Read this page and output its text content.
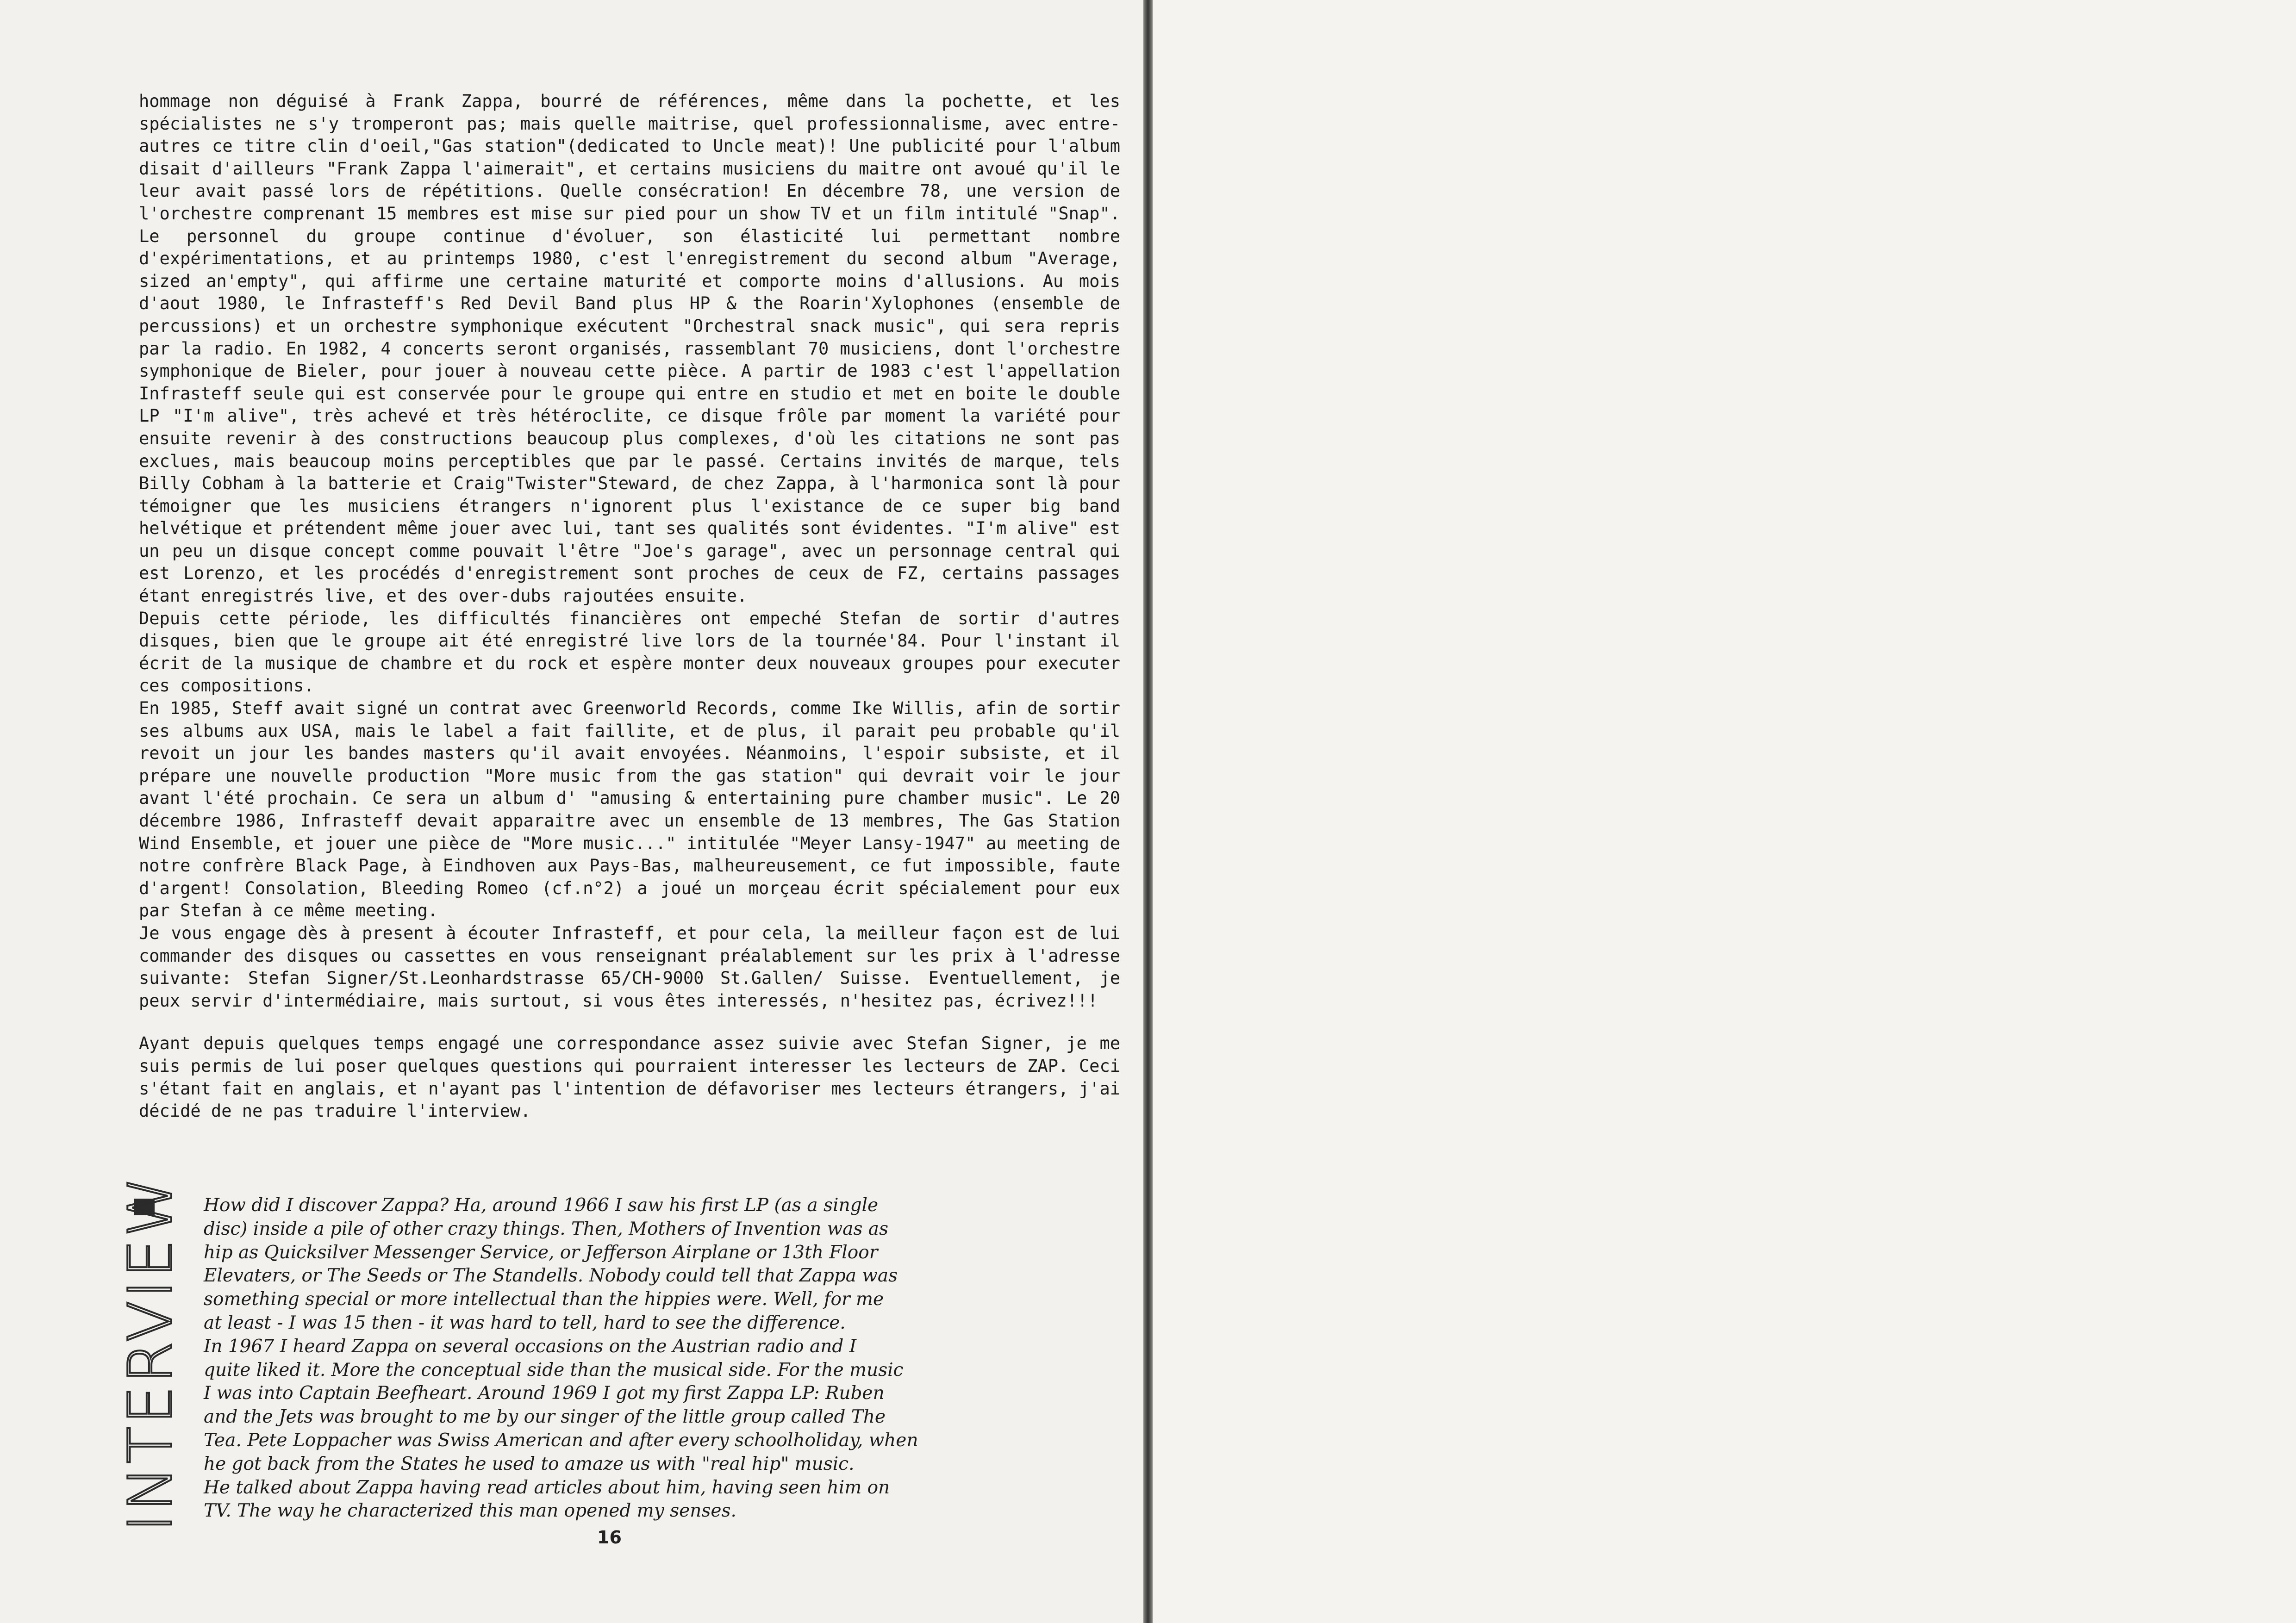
hommage non déguisé à Frank Zappa, bourré de références, même dans la pochette, et les spécialistes ne s'y tromperont pas; mais quelle maitrise, quel professionnalisme, avec entre-autres ce titre clin d'oeil,"Gas station"(dedicated to Uncle meat)! Une publicité pour l'album disait d'ailleurs "Frank Zappa l'aimerait", et certains musiciens du maitre ont avoué qu'il le leur avait passé lors de répétitions. Quelle consécration! En décembre 78, une version de l'orchestre comprenant 15 membres est mise sur pied pour un show TV et un film intitulé "Snap". Le personnel du groupe continue d'évoluer, son élasticité lui permettant nombre d'expérimentations, et au printemps 1980, c'est l'enregistrement du second album "Average, sized an'empty", qui affirme une certaine maturité et comporte moins d'allusions. Au mois d'aout 1980, le Infrasteff's Red Devil Band plus HP & the Roarin'Xylophones (ensemble de percussions) et un orchestre symphonique exécutent "Orchestral snack music", qui sera repris par la radio. En 1982, 4 concerts seront organisés, rassemblant 70 musiciens, dont l'orchestre symphonique de Bieler, pour jouer à nouveau cette pièce. A partir de 1983 c'est l'appellation Infrasteff seule qui est conservée pour le groupe qui entre en studio et met en boite le double LP "I'm alive", très achevé et très hétéroclite, ce disque frôle par moment la variété pour ensuite revenir à des constructions beaucoup plus complexes, d'où les citations ne sont pas exclues, mais beaucoup moins perceptibles que par le passé. Certains invités de marque, tels Billy Cobham à la batterie et Craig"Twister"Steward, de chez Zappa, à l'harmonica sont là pour témoigner que les musiciens étrangers n'ignorent plus l'existance de ce super big band helvétique et prétendent même jouer avec lui, tant ses qualités sont évidentes. "I'm alive" est un peu un disque concept comme pouvait l'être "Joe's garage", avec un personnage central qui est Lorenzo, et les procédés d'enregistrement sont proches de ceux de FZ, certains passages étant enregistrés live, et des over-dubs rajoutées ensuite.

Depuis cette période, les difficultés financières ont empeché Stefan de sortir d'autres disques, bien que le groupe ait été enregistré live lors de la tournée'84. Pour l'instant il écrit de la musique de chambre et du rock et espère monter deux nouveaux groupes pour executer ces compositions.

En 1985, Steff avait signé un contrat avec Greenworld Records, comme Ike Willis, afin de sortir ses albums aux USA, mais le label a fait faillite, et de plus, il parait peu probable qu'il revoit un jour les bandes masters qu'il avait envoyées. Néanmoins, l'espoir subsiste, et il prépare une nouvelle production "More music from the gas station" qui devrait voir le jour avant l'été prochain. Ce sera un album d' "amusing & entertaining pure chamber music". Le 20 décembre 1986, Infrasteff devait apparaitre avec un ensemble de 13 membres, The Gas Station Wind Ensemble, et jouer une pièce de "More music..." intitulée "Meyer Lansy-1947" au meeting de notre confrère Black Page, à Eindhoven aux Pays-Bas, malheureusement, ce fut impossible, faute d'argent! Consolation, Bleeding Romeo (cf.n°2) a joué un morçeau écrit spécialement pour eux par Stefan à ce même meeting.

Je vous engage dès à present à écouter Infrasteff, et pour cela, la meilleur façon est de lui commander des disques ou cassettes en vous renseignant préalablement sur les prix à l'adresse suivante: Stefan Signer/St.Leonhardstrasse 65/CH-9000 St.Gallen/ Suisse. Eventuellement, je peux servir d'intermédiaire, mais surtout, si vous êtes interessés, n'hesitez pas, écrivez!!!

Ayant depuis quelques temps engagé une correspondance assez suivie avec Stefan Signer, je me suis permis de lui poser quelques questions qui pourraient interesser les lecteurs de ZAP. Ceci s'étant fait en anglais, et n'ayant pas l'intention de défavoriser mes lecteurs étrangers, j'ai décidé de ne pas traduire l'interview.

How did I discover Zappa? Ha, around 1966 I saw his first LP (as a single
disc) inside a pile of other crazy things. Then, Mothers of Invention was as
hip as Quicksilver Messenger Service, or Jefferson Airplane or 13th Floor
Elevaters, or The Seeds or The Standells. Nobody could tell that Zappa was
something special or more intellectual than the hippies were. Well, for me
at least - I was 15 then - it was hard to tell, hard to see the difference.
In 1967 I heard Zappa on several occasions on the Austrian radio and I
quite liked it. More the conceptual side than the musical side. For the music
I was into Captain Beefheart. Around 1969 I got my first Zappa LP: Ruben
and the Jets was brought to me by our singer of the little group called The
Tea. Pete Loppacher was Swiss American and after every schoolholiday, when
he got back from the States he used to amaze us with "real hip" music.
He talked about Zappa having read articles about him, having seen him on
TV. The way he characterized this man opened my senses.
INTERVIEW
16
